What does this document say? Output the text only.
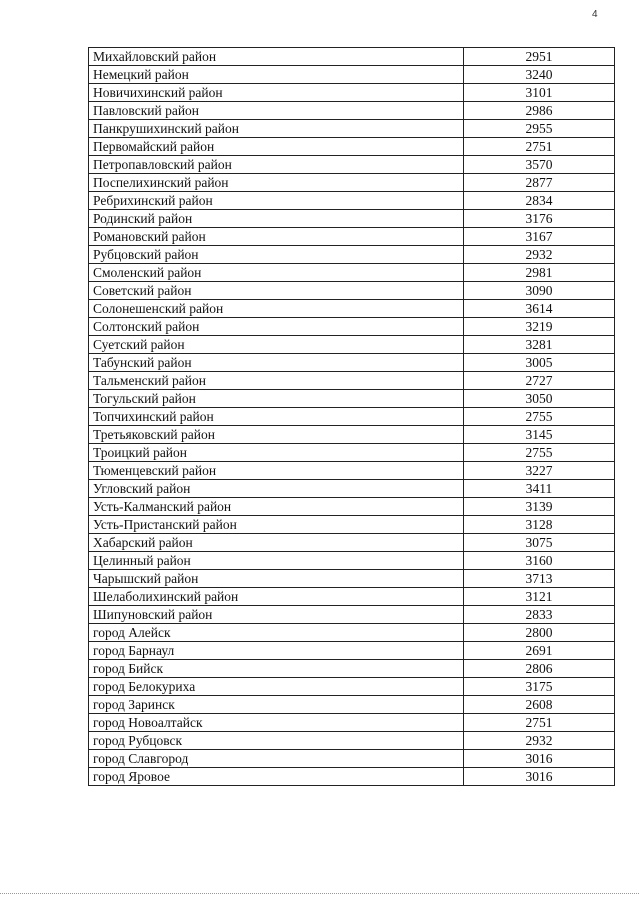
4
Михайловский район	2951
Немецкий район	3240
Новичихинский район	3101
Павловский район	2986
Панкрушихинский район	2955
Первомайский район	2751
Петропавловский район	3570
Поспелихинский район	2877
Ребрихинский район	2834
Родинский район	3176
Романовский район	3167
Рубцовский район	2932
Смоленский район	2981
Советский район	3090
Солонешенский район	3614
Солтонский район	3219
Суетский район	3281
Табунский район	3005
Тальменский район	2727
Тогульский район	3050
Топчихинский район	2755
Третьяковский район	3145
Троицкий район	2755
Тюменцевский район	3227
Угловский район	3411
Усть-Калманский район	3139
Усть-Пристанский район	3128
Хабарский район	3075
Целинный район	3160
Чарышский район	3713
Шелаболихинский район	3121
Шипуновский район	2833
город Алейск	2800
город Барнаул	2691
город Бийск	2806
город Белокуриха	3175
город Заринск	2608
город Новоалтайск	2751
город Рубцовск	2932
город Славгород	3016
город Яровое	3016
